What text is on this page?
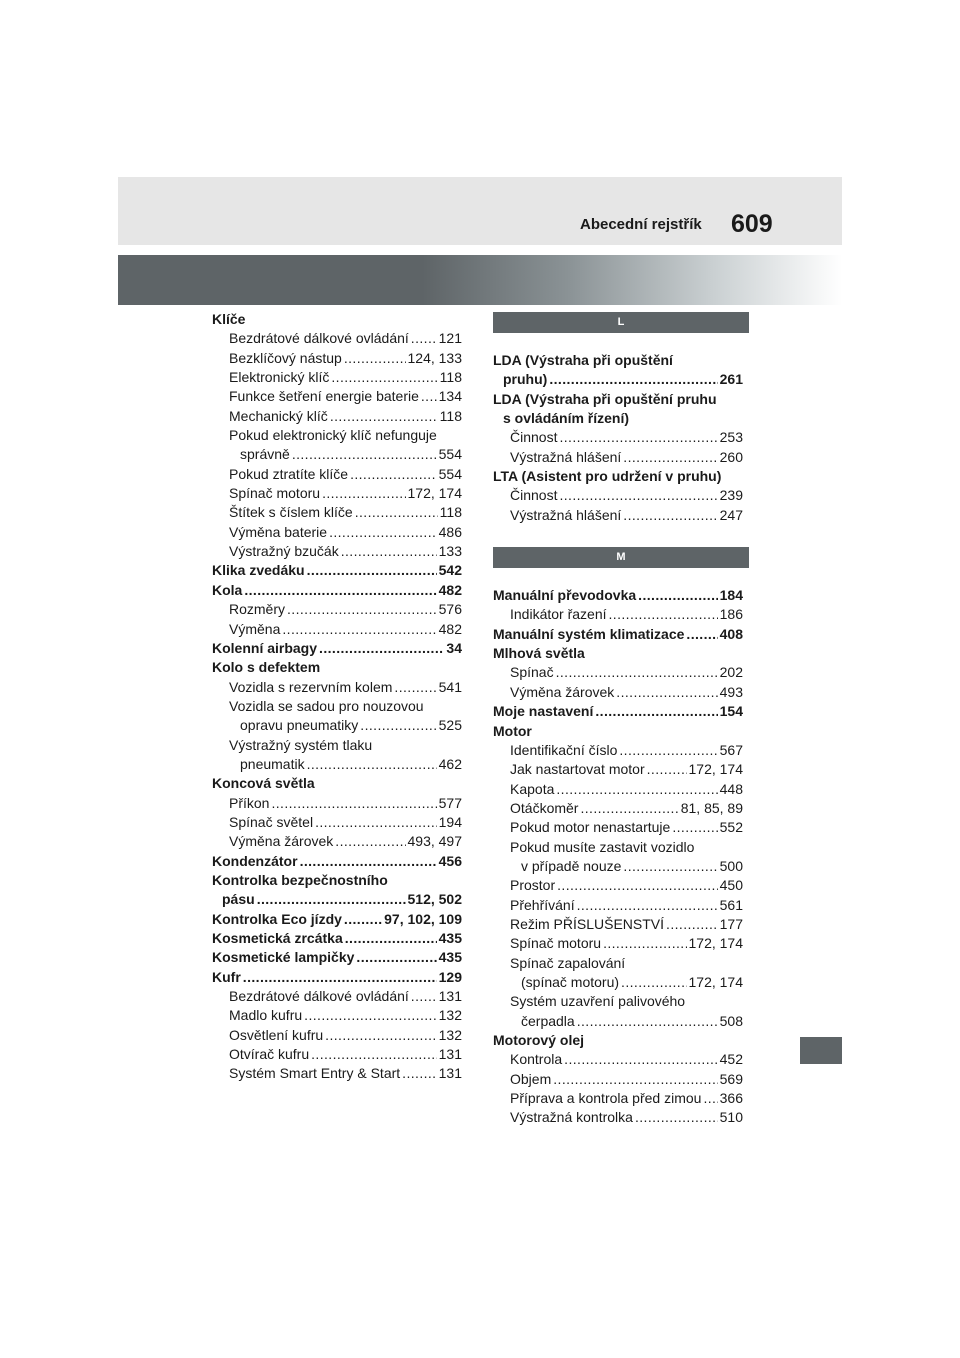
Abecední rejstřík 609
Klíče
Bezdrátové dálkové ovládání ..... 121
Bezklíčový nástup .....	124, 133
Elektronický klíč .....	118
Funkce šetření energie baterie ..... 134
Mechanický klíč .....	118
Pokud elektronický klíč nefunguje
správně .....	554
Pokud ztratíte klíče .....	554
Spínač motoru .....	172, 174
Štítek s číslem klíče .....	118
Výměna baterie .....	486
Výstražný bzučák .....	133
Klika zvedáku .....	542
Kola .....	482
Rozměry .....	576
Výměna .....	482
Kolenní airbagy .....	34
Kolo s defektem
Vozidla s rezervním kolem .....	541
Vozidla se sadou pro nouzovou
opravu pneumatiky .....	525
Výstražný systém tlaku
pneumatik .....	462
Koncová světla
Příkon .....	577
Spínač světel .....	194
Výměna žárovek .....	493, 497
Kondenzátor .....	456
Kontrolka bezpečnostního
pásu .....	512, 502
Kontrolka Eco jízdy .....	97, 102, 109
Kosmetická zrcátka .....	435
Kosmetické lampičky .....	435
Kufr .....	129
Bezdrátové dálkové ovládání ..... 131
Madlo kufru .....	132
Osvětlení kufru .....	132
Otvírač kufru .....	131
Systém Smart Entry & Start .....	131
L
LDA (Výstraha při opuštění
pruhu) .....	261
LDA (Výstraha při opuštění pruhu
s ovládáním řízení)
Činnost .....	253
Výstražná hlášení .....	260
LTA (Asistent pro udržení v pruhu)
Činnost .....	239
Výstražná hlášení .....	247
M
Manuální převodovka .....	184
Indikátor řazení .....	186
Manuální systém klimatizace .....	408
Mlhová světla
Spínač .....	202
Výměna žárovek .....	493
Moje nastavení .....	154
Motor
Identifikační číslo .....	567
Jak nastartovat motor .....	172, 174
Kapota .....	448
Otáčkoměr .....	81, 85, 89
Pokud motor nenastartuje .....	552
Pokud musíte zastavit vozidlo
v případě nouze .....	500
Prostor .....	450
Přehřívání .....	561
Režim PŘÍSLUŠENSTVÍ .....	177
Spínač motoru .....	172, 174
Spínač zapalování
(spínač motoru) .....	172, 174
Systém uzavření palivového
čerpadla .....	508
Motorový olej
Kontrola .....	452
Objem .....	569
Příprava a kontrola před zimou ..... 366
Výstražná kontrolka .....	510
